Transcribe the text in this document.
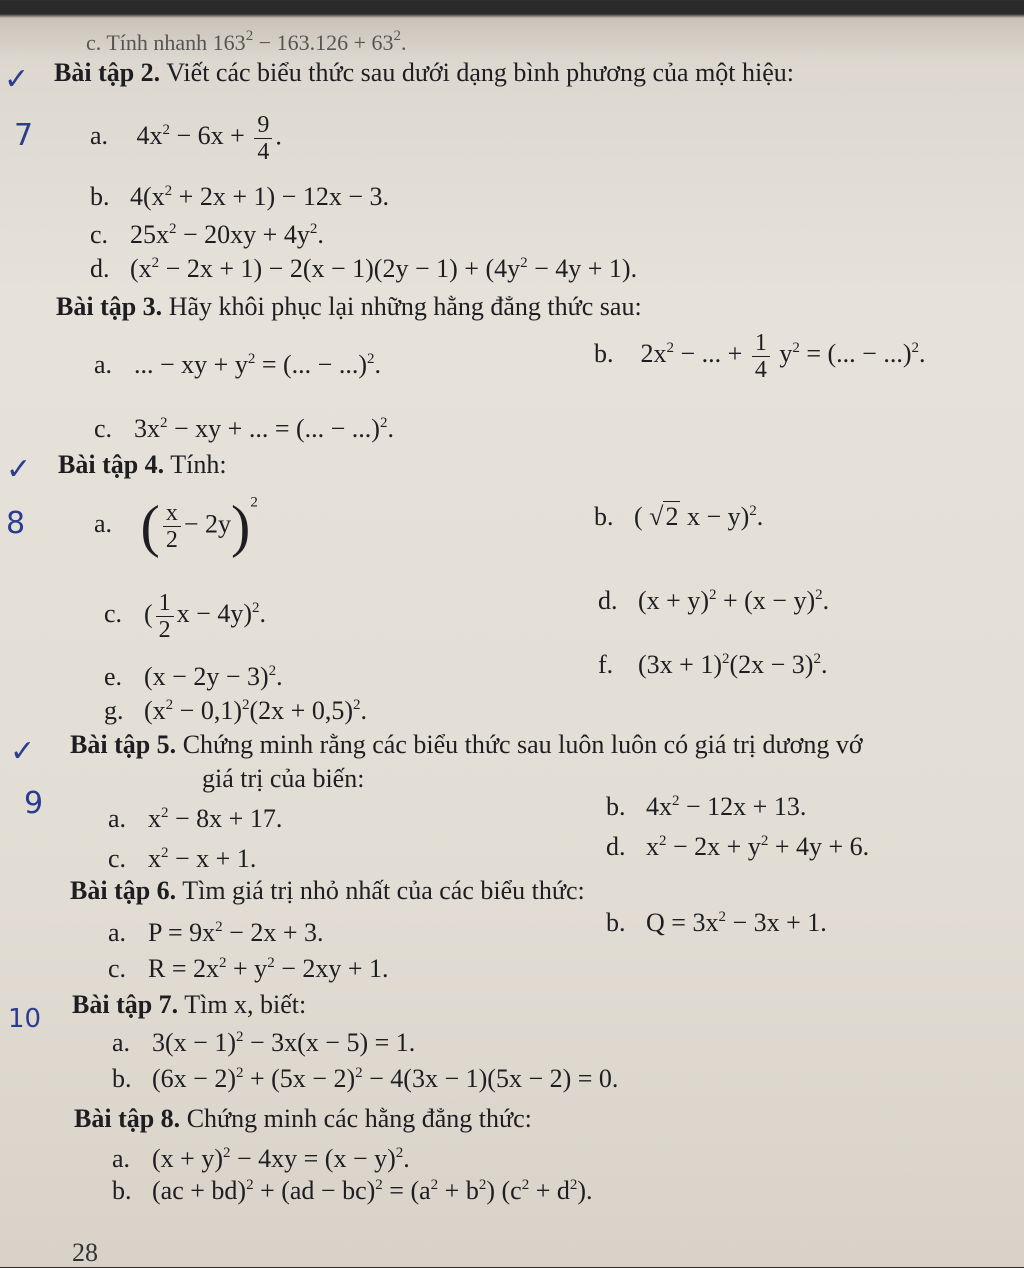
✓
7
✓
8
✓
9
10
c. Tính nhanh $163^2 - 163.126 + 63^2$.
Bài tập 2. Viết các biểu thức sau dưới dạng bình phương của một hiệu:
a. $4x^2 - 6x + \frac{9}{4}$ .
b. $4(x^2 + 2x + 1) - 12x - 3$.
c. $25x^2 - 20xy + 4y^2$.
d. $(x^2 - 2x + 1) - 2(x - 1)(2y - 1) + (4y^2 - 4y + 1)$.
Bài tập 3. Hãy khôi phục lại những hằng đẳng thức sau:
a. ... − xy + $y^2$ = (... − ...)$^2$.	b. $2x^2$ − ... + $\frac{1}{4} y^2$ = (... − ...)$^2$.
c. $3x^2$ − xy + ... = (... − ...)$^2$.
Bài tập 4. Tính:
a. ( $\frac{x}{2} - 2y)^2$	b. ( √2 x − y)$^2$.
c. ( $\frac{1}{2}$ x − 4y)$^2$.	d. $(x + y)^2 + (x - y)^2$.
e. $(x - 2y - 3)^2$.	f. $(3x + 1)^2(2x - 3)^2$.
g. $(x^2 - 0,1)^2(2x + 0,5)^2$.
Bài tập 5. Chứng minh rằng các biểu thức sau luôn luôn có giá trị dương vớ
giá trị của biến:
a. $x^2 - 8x + 17$.	b. $4x^2 - 12x + 13$.
c. $x^2 - x + 1$.	d. $x^2 - 2x + y^2 + 4y + 6$.
Bài tập 6. Tìm giá trị nhỏ nhất của các biểu thức:
a. $P = 9x^2 - 2x + 3$.	b. $Q = 3x^2 - 3x + 1$.
c. $R = 2x^2 + y^2 - 2xy + 1$.
Bài tập 7. Tìm x, biết:
a. $3(x - 1)^2 - 3x(x - 5) = 1$.
b. $(6x - 2)^2 + (5x - 2)^2 - 4(3x - 1)(5x - 2) = 0$.
Bài tập 8. Chứng minh các hằng đẳng thức:
a. $(x + y)^2 - 4xy = (x - y)^2$.
b. $(ac + bd)^2 + (ad - bc)^2 = (a^2 + b^2) (c^2 + d^2)$.
28
